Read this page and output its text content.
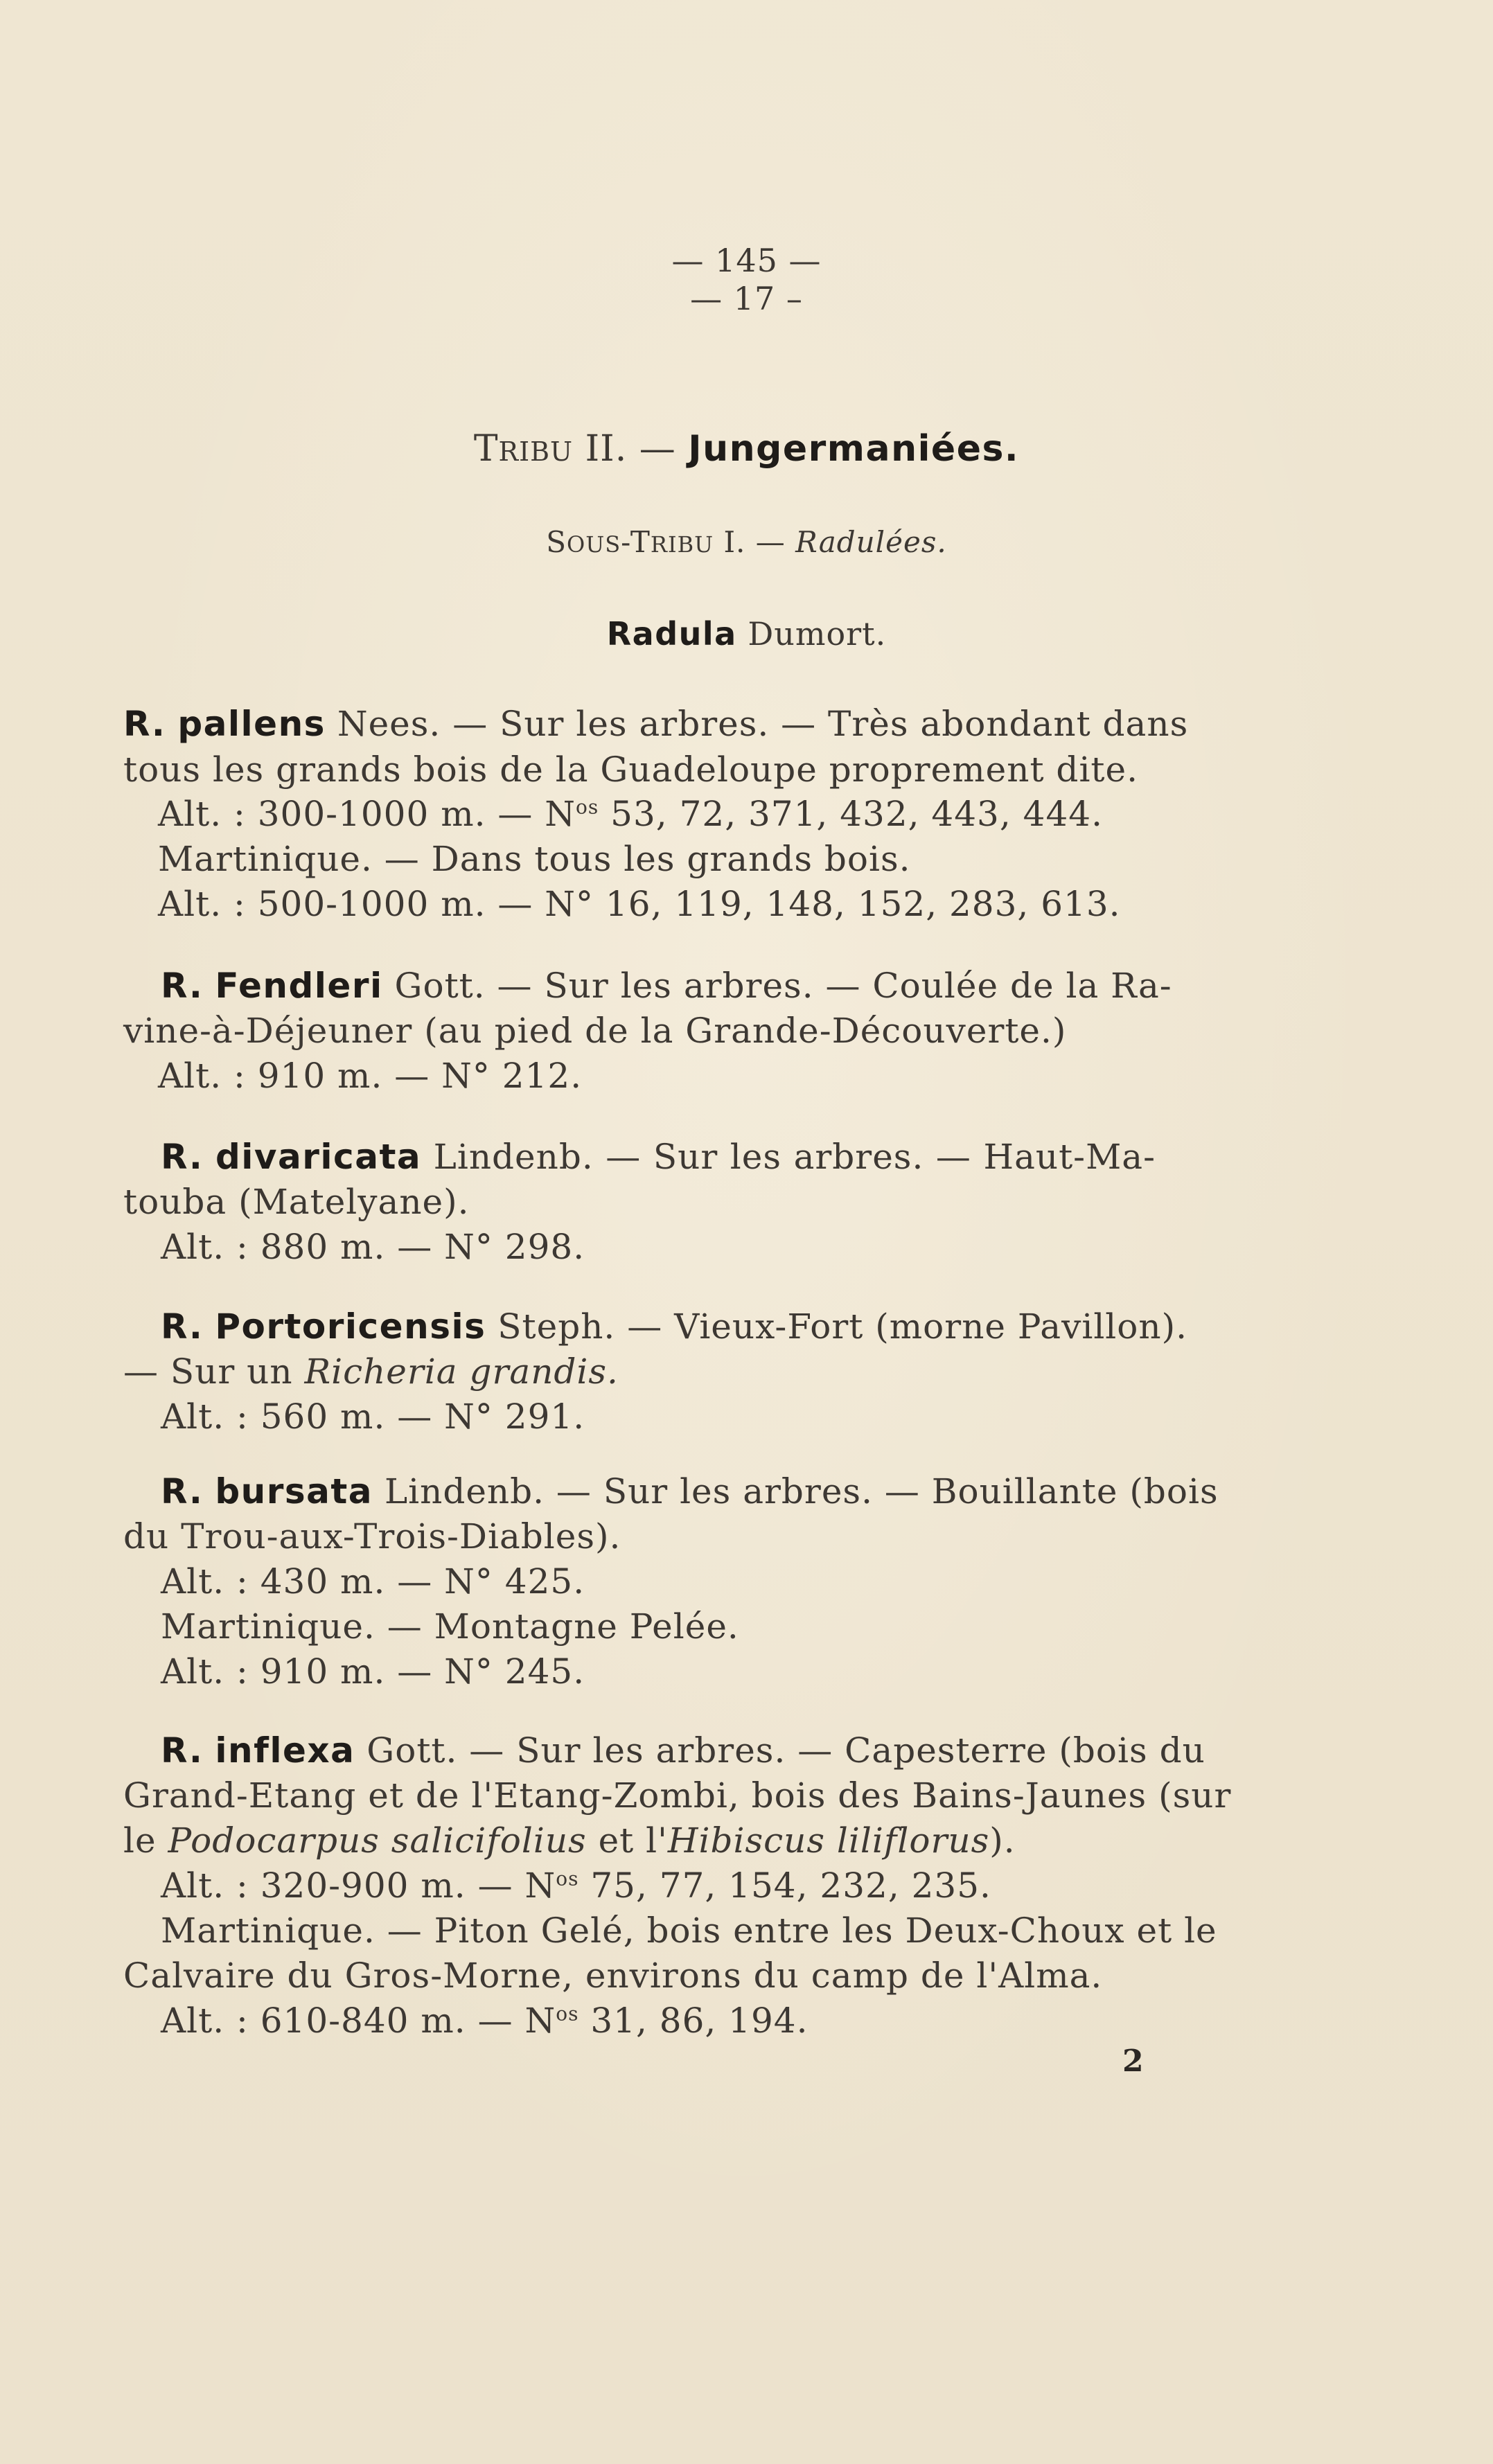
— 145 —
— 17 –
TRIBU II. — Jungermaniées.
SOUS-TRIBU I. — Radulées.
Radula Dumort.
R. pallens Nees. — Sur les arbres. — Très abondant dans
tous les grands bois de la Guadeloupe proprement dite.
Alt. : 300-1000 m. — $N^{os}$ 53, 72, 371, 432, 443, 444.
Martinique. — Dans tous les grands bois.
Alt. : 500-1000 m. — N° 16, 119, 148, 152, 283, 613.
R. Fendleri Gott. — Sur les arbres. — Coulée de la Ra-
vine-à-Déjeuner (au pied de la Grande-Découverte.)
Alt. : 910 m. — N° 212.
R. divaricata Lindenb. — Sur les arbres. — Haut-Ma-
touba (Matelyane).
Alt. : 880 m. — N° 298.
R. Portoricensis Steph. — Vieux-Fort (morne Pavillon).
— Sur un Richeria grandis.
Alt. : 560 m. — N° 291.
R. bursata Lindenb. — Sur les arbres. — Bouillante (bois
du Trou-aux-Trois-Diables).
Alt. : 430 m. — N° 425.
Martinique. — Montagne Pelée.
Alt. : 910 m. — N° 245.
R. inflexa Gott. — Sur les arbres. — Capesterre (bois du
Grand-Etang et de l'Etang-Zombi, bois des Bains-Jaunes (sur
le Podocarpus salicifolius et l'Hibiscus liliflorus).
Alt. : 320-900 m. — $N^{os}$ 75, 77, 154, 232, 235.
Martinique. — Piton Gelé, bois entre les Deux-Choux et le
Calvaire du Gros-Morne, environs du camp de l'Alma.
Alt. : 610-840 m. — $N^{os}$ 31, 86, 194.
2
